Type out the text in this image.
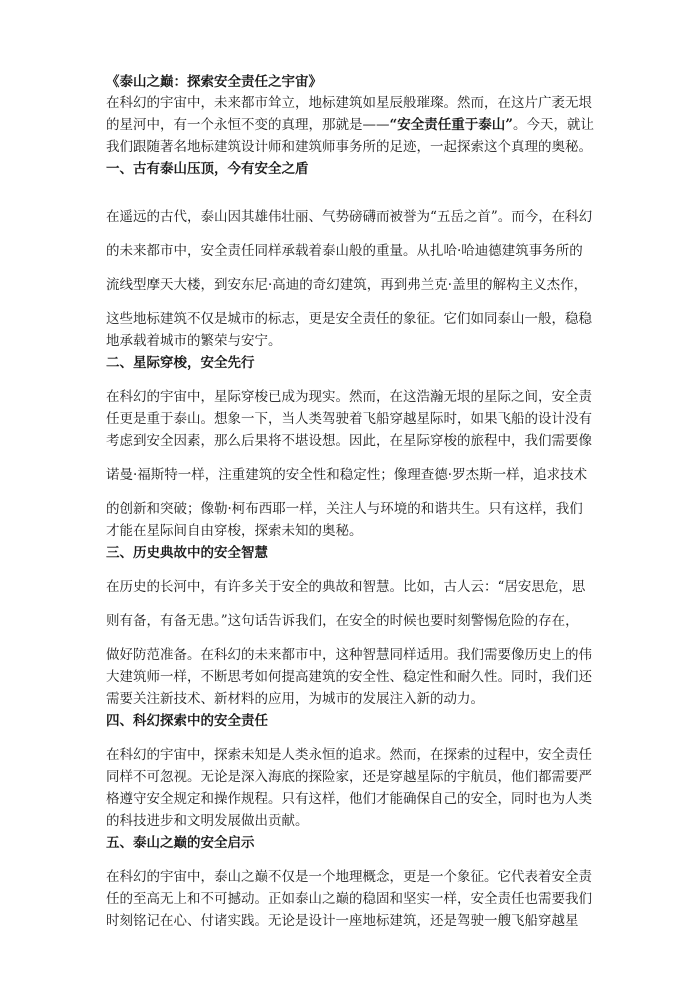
《泰山之巅：探索安全责任之宇宙》

在科幻的宇宙中，未来都市耸立，地标建筑如星辰般璀璨。然而，在这片广袤无垠

的星河中，有一个永恒不变的真理，那就是——“安全责任重于泰山”。今天，就让

我们跟随著名地标建筑设计师和建筑师事务所的足迹，一起探索这个真理的奥秘。

一、古有泰山压顶，今有安全之盾

在遥远的古代，泰山因其雄伟壮丽、气势磅礴而被誉为“五岳之首”。而今，在科幻

的未来都市中，安全责任同样承载着泰山般的重量。从扎哈·哈迪德建筑事务所的

流线型摩天大楼，到安东尼·高迪的奇幻建筑，再到弗兰克·盖里的解构主义杰作，

这些地标建筑不仅是城市的标志，更是安全责任的象征。它们如同泰山一般，稳稳

地承载着城市的繁荣与安宁。

二、星际穿梭，安全先行

在科幻的宇宙中，星际穿梭已成为现实。然而，在这浩瀚无垠的星际之间，安全责

任更是重于泰山。想象一下，当人类驾驶着飞船穿越星际时，如果飞船的设计没有

考虑到安全因素，那么后果将不堪设想。因此，在星际穿梭的旅程中，我们需要像

诺曼·福斯特一样，注重建筑的安全性和稳定性；像理查德·罗杰斯一样，追求技术

的创新和突破；像勒·柯布西耶一样，关注人与环境的和谐共生。只有这样，我们

才能在星际间自由穿梭，探索未知的奥秘。

三、历史典故中的安全智慧

在历史的长河中，有许多关于安全的典故和智慧。比如，古人云：“居安思危，思

则有备，有备无患。”这句话告诉我们，在安全的时候也要时刻警惕危险的存在，

做好防范准备。在科幻的未来都市中，这种智慧同样适用。我们需要像历史上的伟

大建筑师一样，不断思考如何提高建筑的安全性、稳定性和耐久性。同时，我们还

需要关注新技术、新材料的应用，为城市的发展注入新的动力。

四、科幻探索中的安全责任

在科幻的宇宙中，探索未知是人类永恒的追求。然而，在探索的过程中，安全责任

同样不可忽视。无论是深入海底的探险家，还是穿越星际的宇航员，他们都需要严

格遵守安全规定和操作规程。只有这样，他们才能确保自己的安全，同时也为人类

的科技进步和文明发展做出贡献。

五、泰山之巅的安全启示

在科幻的宇宙中，泰山之巅不仅是一个地理概念，更是一个象征。它代表着安全责

任的至高无上和不可撼动。正如泰山之巅的稳固和坚实一样，安全责任也需要我们

时刻铭记在心、付诸实践。无论是设计一座地标建筑，还是驾驶一艘飞船穿越星
